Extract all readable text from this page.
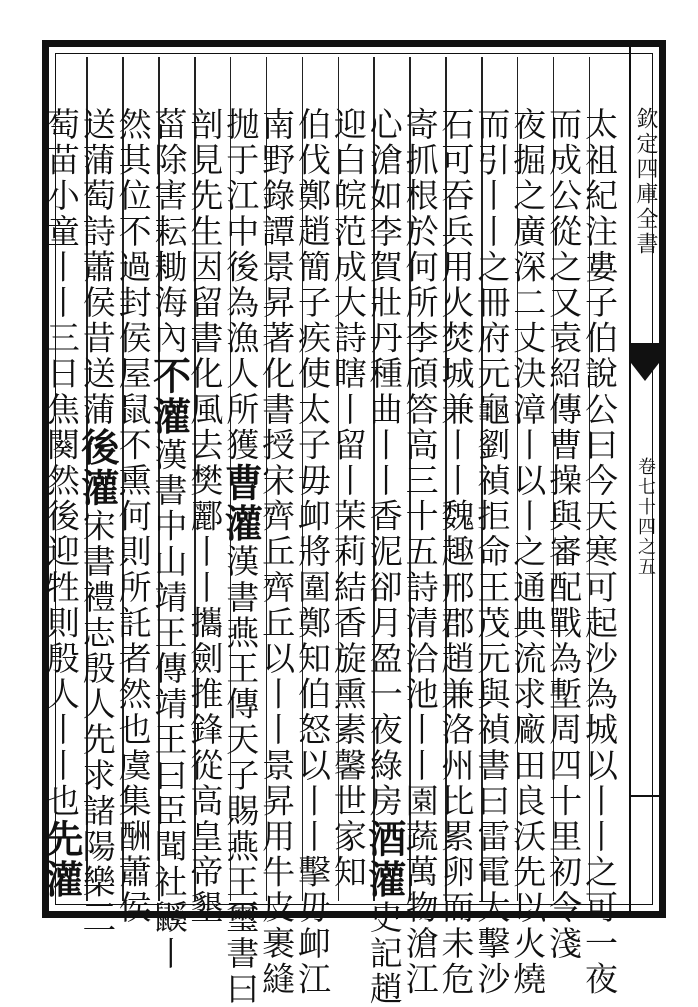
欽定四庫全書
卷七十四之五
太祖紀注婁子伯說公曰今天寒可起沙為城以丨丨之可一夜
而成公從之又袁紹傳曹操與審配戰為塹周四十里初令淺
夜掘之廣深二丈決漳丨以丨之通典流求廠田良沃先以火燒
而引丨丨之冊府元龜劉禎拒命王茂元與禎書曰雷電大擊沙
石可吞兵用火焚城兼丨丨魏趣邢郡趙兼洛州比累卵而未危
寄抓根於何所李頎答高三十五詩清洽池丨丨園蔬萬物滄江
心滄如李賀壯丹種曲丨丨香泥卻月盈一夜綠房酒灌史記趙
迎白皖范成大詩瞎丨留丨茉莉結香旋熏素馨世家知
伯伐鄭趙簡子疾使太子毋卹將圍鄭知伯怒以丨丨擊毋卹江
南野錄譚景昇著化書授宋齊丘齊丘以丨丨景昇用牛皮裹縫
抛于江中後為漁人所獲曹灌漢書燕王傳天子賜燕王璽書曰
剖見先生因留書化風去樊酈丨丨攜劍推鋒從高皇帝墾
菑除害耘耡海內不灌漢書中山靖王傳靖王曰臣聞社鼷丨
然其位不過封侯屋鼠不熏何則所託者然也虞集酬蕭侯
送蒲萄詩蕭侯昔送蒲後灌宋書禮志殷人先求諸陽樂三
萄苗小童丨丨三日焦闋然後迎牲則殷人丨丨也先灌
